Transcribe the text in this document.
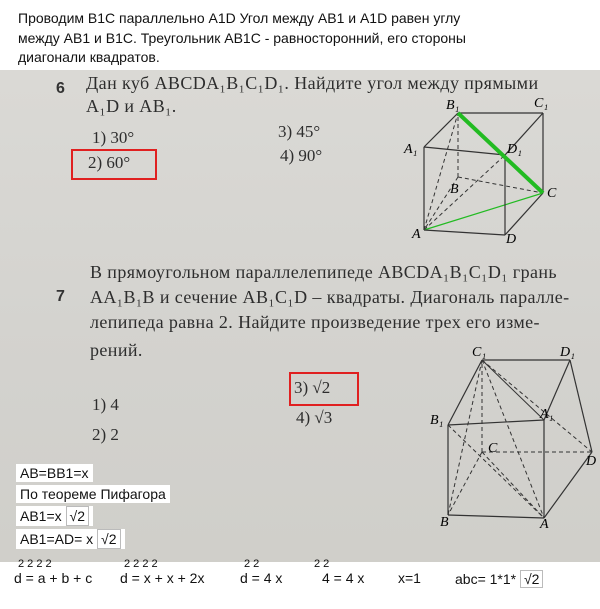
Проводим B1C параллельно A1D Угол между AB1 и A1D равен углу
между AB1 и B1C. Треугольник AB1C - равносторонний, его стороны
диагонали квадратов.
6 Дан куб ABCDA₁B₁C₁D₁. Найдите угол между прямыми
A₁D и AB₁.
1) 30°
2) 60°
3) 45°
4) 90°
B₁	C₁
A₁	D₁
B	C
A	D
7
В прямоугольном параллелепипеде ABCDA₁B₁C₁D₁ грань
AA₁B₁B и сечение AB₁C₁D – квадраты. Диагональ паралле-
лепипеда равна 2. Найдите произведение трех его изме-
рений.
1) 4
2) 2
3) √2
4) √3
C₁	D₁
B₁	A₁
C
D
B	A
AB=BB1=x
По теореме Пифагора
AB1=x √2
AB1=AD= x √2
2 2 2 2
d = a + b + c
2 2 2 2
d = x + x + 2x
2 2
d = 4 x
2 2
4 = 4 x x=1 abc= 1*1* √2
